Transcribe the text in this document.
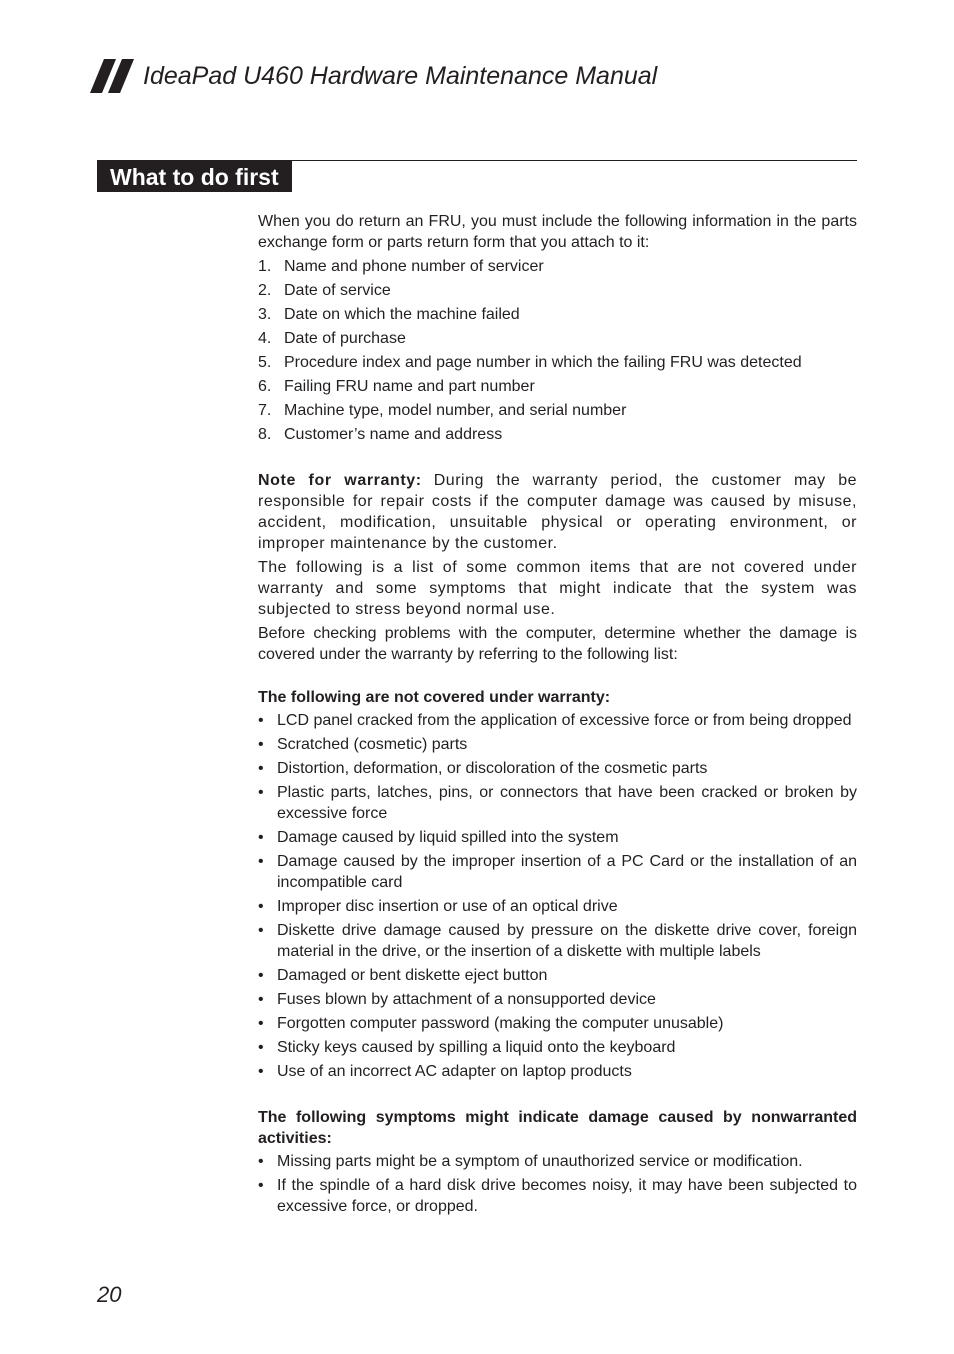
IdeaPad U460 Hardware Maintenance Manual
What to do first

When you do return an FRU, you must include the following information in the parts exchange form or parts return form that you attach to it:

1. Name and phone number of servicer
2. Date of service
3. Date on which the machine failed
4. Date of purchase
5. Procedure index and page number in which the failing FRU was detected
6. Failing FRU name and part number
7. Machine type, model number, and serial number
8. Customer’s name and address

Note for warranty: During the warranty period, the customer may be responsible for repair costs if the computer damage was caused by misuse, accident, modification, unsuitable physical or operating environment, or improper maintenance by the customer.

The following is a list of some common items that are not covered under warranty and some symptoms that might indicate that the system was subjected to stress beyond normal use.

Before checking problems with the computer, determine whether the damage is covered under the warranty by referring to the following list:

The following are not covered under warranty:

• LCD panel cracked from the application of excessive force or from being dropped
• Scratched (cosmetic) parts
• Distortion, deformation, or discoloration of the cosmetic parts
• Plastic parts, latches, pins, or connectors that have been cracked or broken by excessive force
• Damage caused by liquid spilled into the system
• Damage caused by the improper insertion of a PC Card or the installation of an incompatible card
• Improper disc insertion or use of an optical drive
• Diskette drive damage caused by pressure on the diskette drive cover, foreign material in the drive, or the insertion of a diskette with multiple labels
• Damaged or bent diskette eject button
• Fuses blown by attachment of a nonsupported device
• Forgotten computer password (making the computer unusable)
• Sticky keys caused by spilling a liquid onto the keyboard
• Use of an incorrect AC adapter on laptop products

The following symptoms might indicate damage caused by nonwarranted activities:

• Missing parts might be a symptom of unauthorized service or modification.
• If the spindle of a hard disk drive becomes noisy, it may have been subjected to excessive force, or dropped.
20
